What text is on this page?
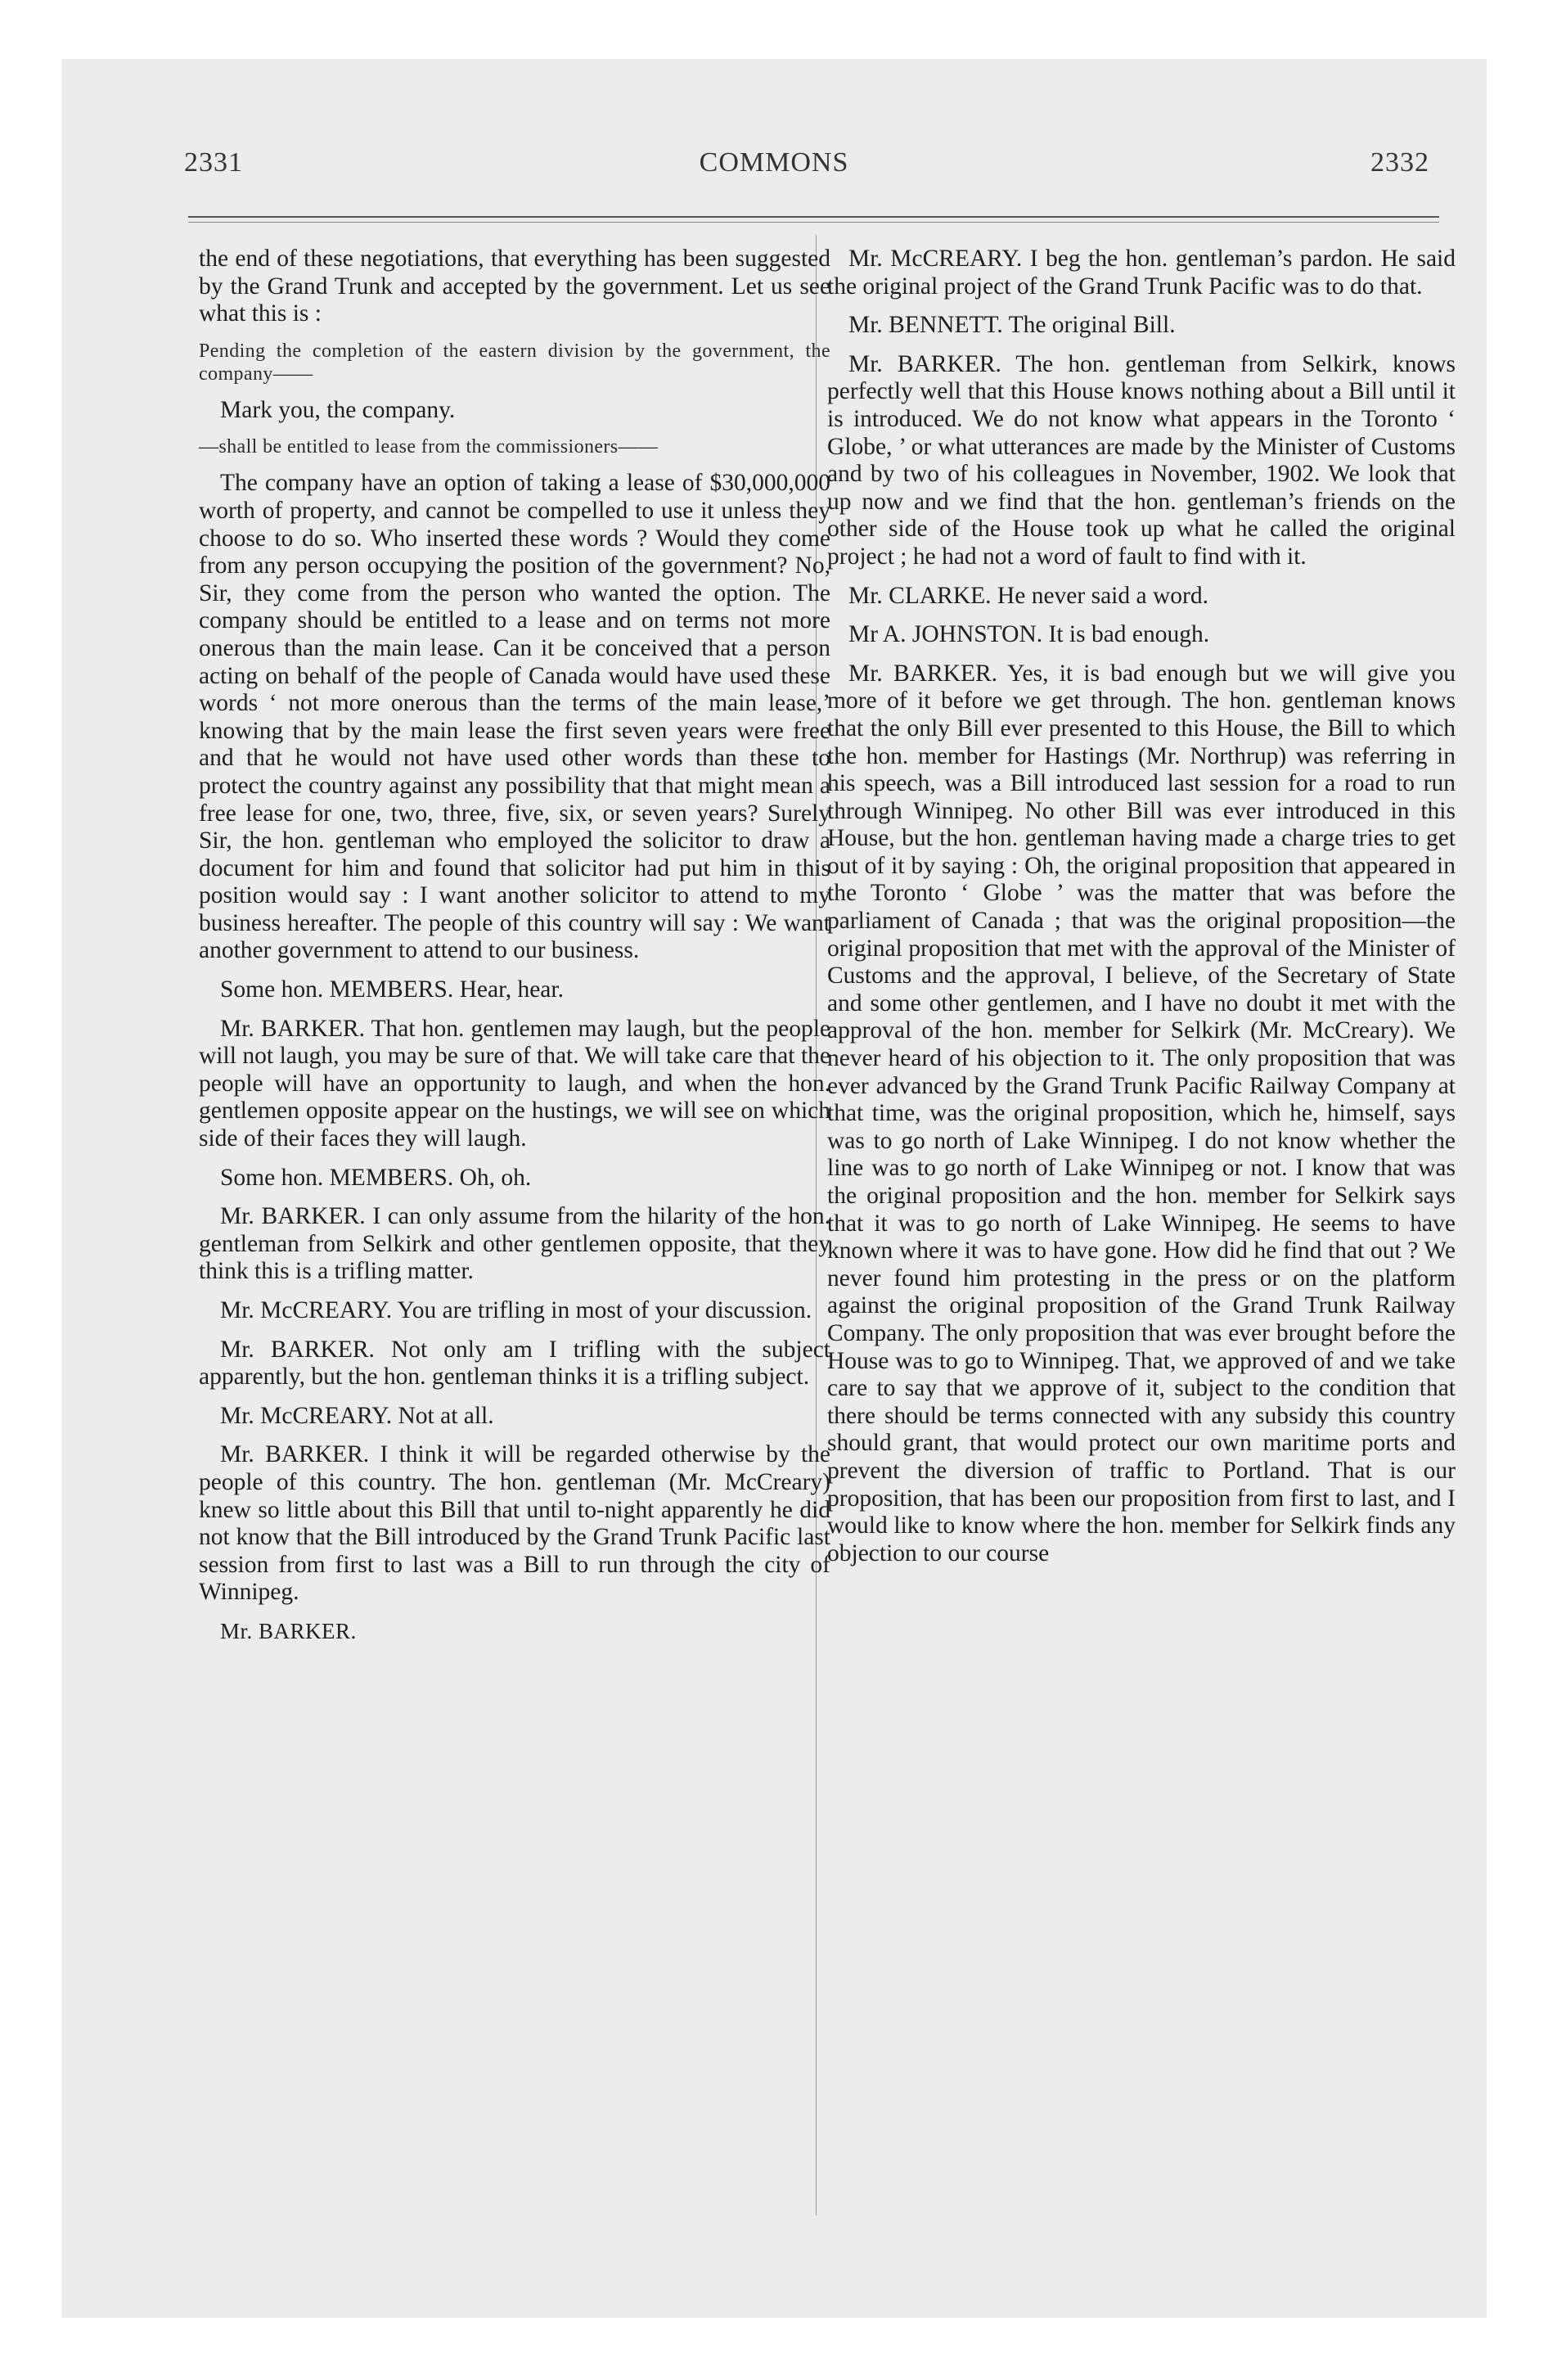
2331	COMMONS	2332

the end of these negotiations, that everything has been suggested by the Grand Trunk and accepted by the government. Let us see what this is :

Pending the completion of the eastern division by the government, the company——

Mark you, the company.

—shall be entitled to lease from the commissioners——

The company have an option of taking a lease of $30,000,000 worth of property, and cannot be compelled to use it unless they choose to do so. Who inserted these words ? Would they come from any person occupying the position of the government? No, Sir, they come from the person who wanted the option. The company should be entitled to a lease and on terms not more onerous than the main lease. Can it be conceived that a person acting on behalf of the people of Canada would have used these words ‘ not more onerous than the terms of the main lease,’ knowing that by the main lease the first seven years were free and that he would not have used other words than these to protect the country against any possibility that that might mean a free lease for one, two, three, five, six, or seven years? Surely Sir, the hon. gentleman who employed the solicitor to draw a document for him and found that solicitor had put him in this position would say : I want another solicitor to attend to my business hereafter. The people of this country will say : We want another government to attend to our business.

Some hon. MEMBERS. Hear, hear.

Mr. BARKER. That hon. gentlemen may laugh, but the people will not laugh, you may be sure of that. We will take care that the people will have an opportunity to laugh, and when the hon. gentlemen opposite appear on the hustings, we will see on which side of their faces they will laugh.

Some hon. MEMBERS. Oh, oh.

Mr. BARKER. I can only assume from the hilarity of the hon. gentleman from Selkirk and other gentlemen opposite, that they think this is a trifling matter.

Mr. McCREARY. You are trifling in most of your discussion.

Mr. BARKER. Not only am I trifling with the subject apparently, but the hon. gentleman thinks it is a trifling subject.

Mr. McCREARY. Not at all.

Mr. BARKER. I think it will be regarded otherwise by the people of this country. The hon. gentleman (Mr. McCreary) knew so little about this Bill that until to-night apparently he did not know that the Bill introduced by the Grand Trunk Pacific last session from first to last was a Bill to run through the city of Winnipeg.

Mr. BARKER.

Mr. McCREARY. I beg the hon. gentleman’s pardon. He said the original project of the Grand Trunk Pacific was to do that.

Mr. BENNETT. The original Bill.

Mr. BARKER. The hon. gentleman from Selkirk, knows perfectly well that this House knows nothing about a Bill until it is introduced. We do not know what appears in the Toronto ‘ Globe, ’ or what utterances are made by the Minister of Customs and by two of his colleagues in November, 1902. We look that up now and we find that the hon. gentleman’s friends on the other side of the House took up what he called the original project ; he had not a word of fault to find with it.

Mr. CLARKE. He never said a word.

Mr A. JOHNSTON. It is bad enough.

Mr. BARKER. Yes, it is bad enough but we will give you more of it before we get through. The hon. gentleman knows that the only Bill ever presented to this House, the Bill to which the hon. member for Hastings (Mr. Northrup) was referring in his speech, was a Bill introduced last session for a road to run through Winnipeg. No other Bill was ever introduced in this House, but the hon. gentleman having made a charge tries to get out of it by saying : Oh, the original proposition that appeared in the Toronto ‘ Globe ’ was the matter that was before the parliament of Canada ; that was the original proposition—the original proposition that met with the approval of the Minister of Customs and the approval, I believe, of the Secretary of State and some other gentlemen, and I have no doubt it met with the approval of the hon. member for Selkirk (Mr. McCreary). We never heard of his objection to it. The only proposition that was ever advanced by the Grand Trunk Pacific Railway Company at that time, was the original proposition, which he, himself, says was to go north of Lake Winnipeg. I do not know whether the line was to go north of Lake Winnipeg or not. I know that was the original proposition and the hon. member for Selkirk says that it was to go north of Lake Winnipeg. He seems to have known where it was to have gone. How did he find that out ? We never found him protesting in the press or on the platform against the original proposition of the Grand Trunk Railway Company. The only proposition that was ever brought before the House was to go to Winnipeg. That, we approved of and we take care to say that we approve of it, subject to the condition that there should be terms connected with any subsidy this country should grant, that would protect our own maritime ports and prevent the diversion of traffic to Portland. That is our proposition, that has been our proposition from first to last, and I would like to know where the hon. member for Selkirk finds any objection to our course
